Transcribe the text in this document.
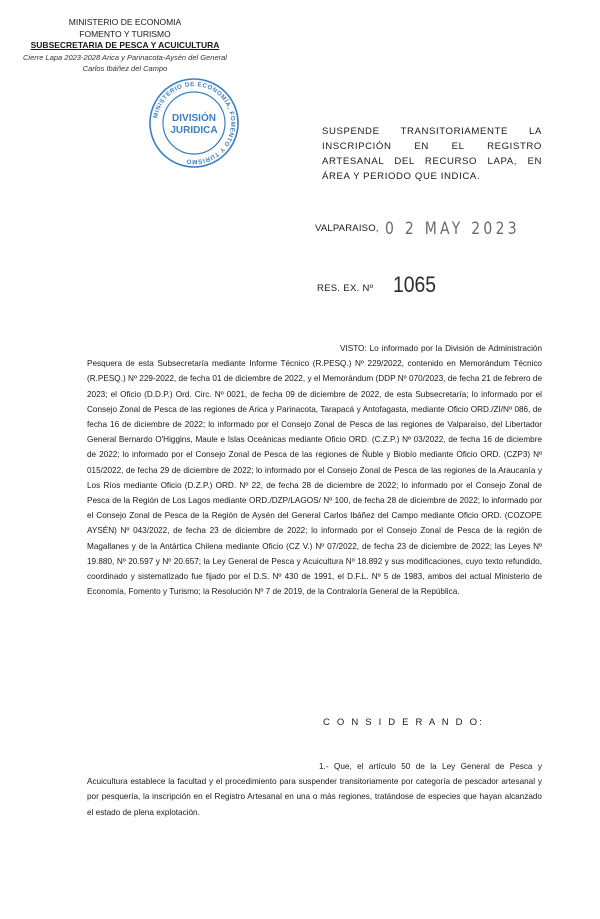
MINISTERIO DE ECONOMIA
FOMENTO Y TURISMO
SUBSECRETARIA DE PESCA Y ACUICULTURA
Cierre Lapa 2023-2028 Arica y Parinacota-Aysén del General
Carlos Ibáñez del Campo
MINISTERIO DE ECONOMÍA, FOMENTO Y TURISMO
DIVISIÓN
JURIDICA	SUSPENDE TRANSITORIAMENTE LA INSCRIPCIÓN EN EL REGISTRO ARTESANAL DEL RECURSO LAPA, EN ÁREA Y PERIODO QUE INDICA.
VALPARAISO, 0 2 MAY 2023
RES. EX. Nº 1065
VISTO: Lo informado por la División de Administración Pesquera de esta Subsecretaría mediante Informe Técnico (R.PESQ.) Nº 229/2022, contenido en Memorándum Técnico (R.PESQ.) Nº 229-2022, de fecha 01 de diciembre de 2022, y el Memorándum (DDP Nº 070/2023, de fecha 21 de febrero de 2023; el Oficio (D.D.P.) Ord. Circ. Nº 0021, de fecha 09 de diciembre de 2022, de esta Subsecretaría; lo informado por el Consejo Zonal de Pesca de las regiones de Arica y Parinacota, Tarapacá y Antofagasta, mediante Oficio ORD./ZI/Nº 086, de fecha 16 de diciembre de 2022; lo informado por el Consejo Zonal de Pesca de las regiones de Valparaíso, del Libertador General Bernardo O'Higgins, Maule e Islas Oceánicas mediante Oficio ORD. (C.Z.P.) Nº 03/2022, de fecha 16 de diciembre de 2022; lo informado por el Consejo Zonal de Pesca de las regiones de Ñuble y Biobío mediante Oficio ORD. (CZP3) Nº 015/2022, de fecha 29 de diciembre de 2022; lo informado por el Consejo Zonal de Pesca de las regiones de la Araucanía y Los Ríos mediante Oficio (D.Z.P.) ORD. Nº 22, de fecha 28 de diciembre de 2022; lo informado por el Consejo Zonal de Pesca de la Región de Los Lagos mediante ORD./DZP/LAGOS/ Nº 100, de fecha 28 de diciembre de 2022; lo informado por el Consejo Zonal de Pesca de la Región de Aysén del General Carlos Ibáñez del Campo mediante Oficio ORD. (COZOPE AYSÉN) Nº 043/2022, de fecha 23 de diciembre de 2022; lo informado por el Consejo Zonal de Pesca de la región de Magallanes y de la Antártica Chilena mediante Oficio (CZ V.) Nº 07/2022, de fecha 23 de diciembre de 2022; las Leyes Nº 19.880, Nº 20.597 y Nº 20.657; la Ley General de Pesca y Acuicultura Nº 18.892 y sus modificaciones, cuyo texto refundido, coordinado y sistematizado fue fijado por el D.S. Nº 430 de 1991, el D.F.L. Nº 5 de 1983, ambos del actual Ministerio de Economía, Fomento y Turismo; la Resolución Nº 7 de 2019, de la Contraloría General de la República.
C O N S I D E R A N D O:
1.- Que, el artículo 50 de la Ley General de Pesca y Acuicultura establece la facultad y el procedimiento para suspender transitoriamente por categoría de pescador artesanal y por pesquería, la inscripción en el Registro Artesanal en una o más regiones, tratándose de especies que hayan alcanzado el estado de plena explotación.
